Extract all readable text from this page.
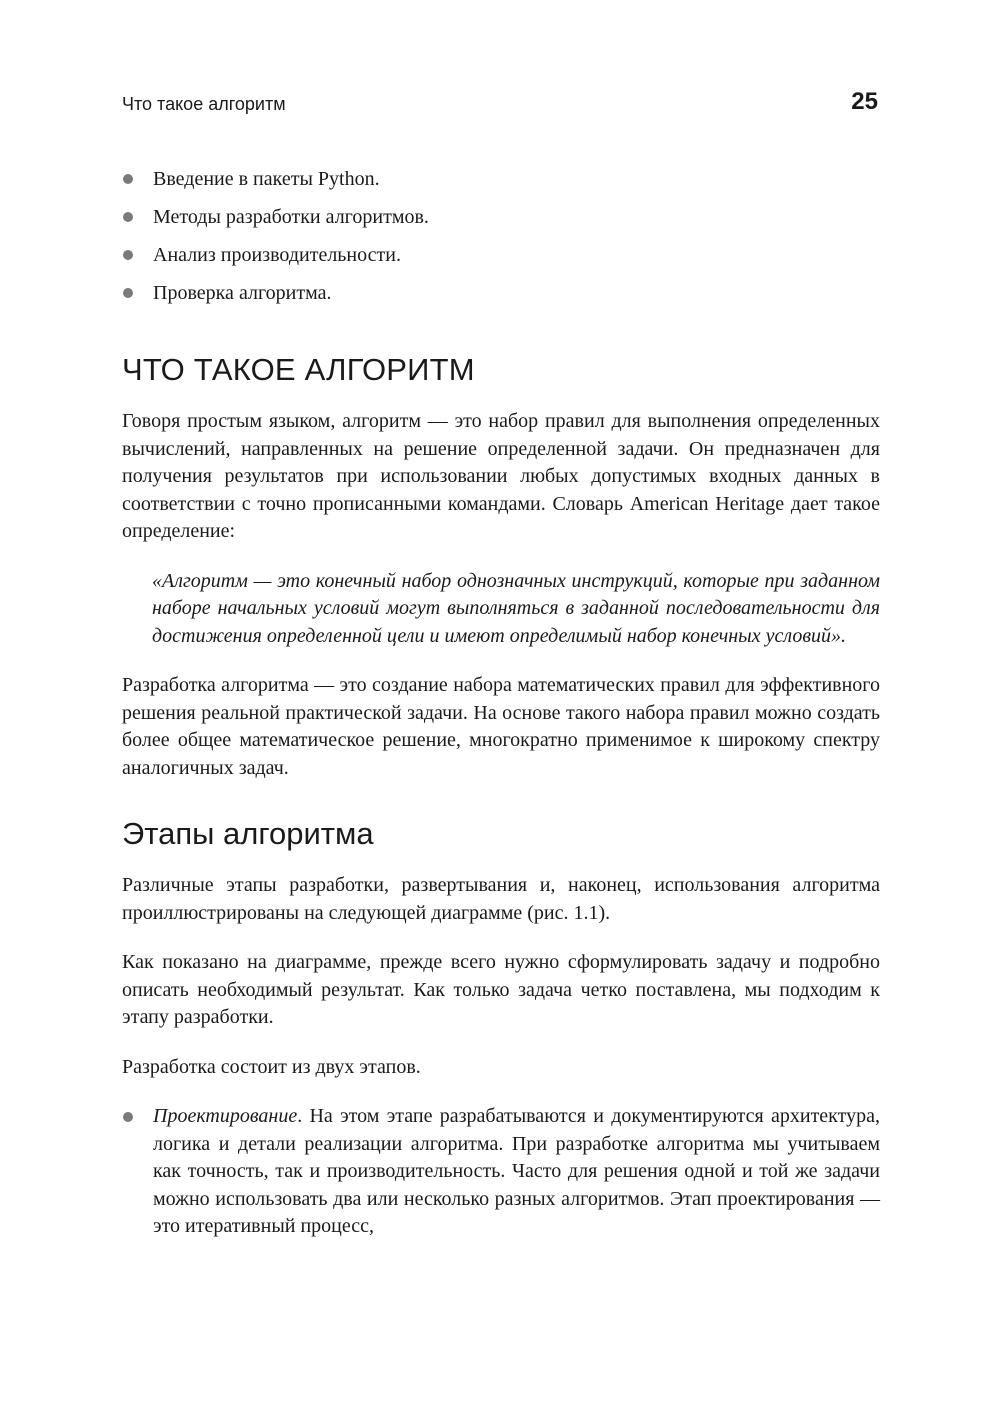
Что такое алгоритм	25
Введение в пакеты Python.
Методы разработки алгоритмов.
Анализ производительности.
Проверка алгоритма.
ЧТО ТАКОЕ АЛГОРИТМ

Говоря простым языком, алгоритм — это набор правил для выполнения определенных вычислений, направленных на решение определенной задачи. Он предназначен для получения результатов при использовании любых допустимых входных данных в соответствии с точно прописанными командами. Словарь American Heritage дает такое определение:

«Алгоритм — это конечный набор однозначных инструкций, которые при заданном наборе начальных условий могут выполняться в заданной последовательности для достижения определенной цели и имеют определимый набор конечных условий».

Разработка алгоритма — это создание набора математических правил для эффективного решения реальной практической задачи. На основе такого набора правил можно создать более общее математическое решение, многократно применимое к широкому спектру аналогичных задач.

Этапы алгоритма

Различные этапы разработки, развертывания и, наконец, использования алгоритма проиллюстрированы на следующей диаграмме (рис. 1.1).

Как показано на диаграмме, прежде всего нужно сформулировать задачу и подробно описать необходимый результат. Как только задача четко поставлена, мы подходим к этапу разработки.

Разработка состоит из двух этапов.

Проектирование. На этом этапе разрабатываются и документируются архитектура, логика и детали реализации алгоритма. При разработке алгоритма мы учитываем как точность, так и производительность. Часто для решения одной и той же задачи можно использовать два или несколько разных алгоритмов. Этап проектирования — это итеративный процесс,
